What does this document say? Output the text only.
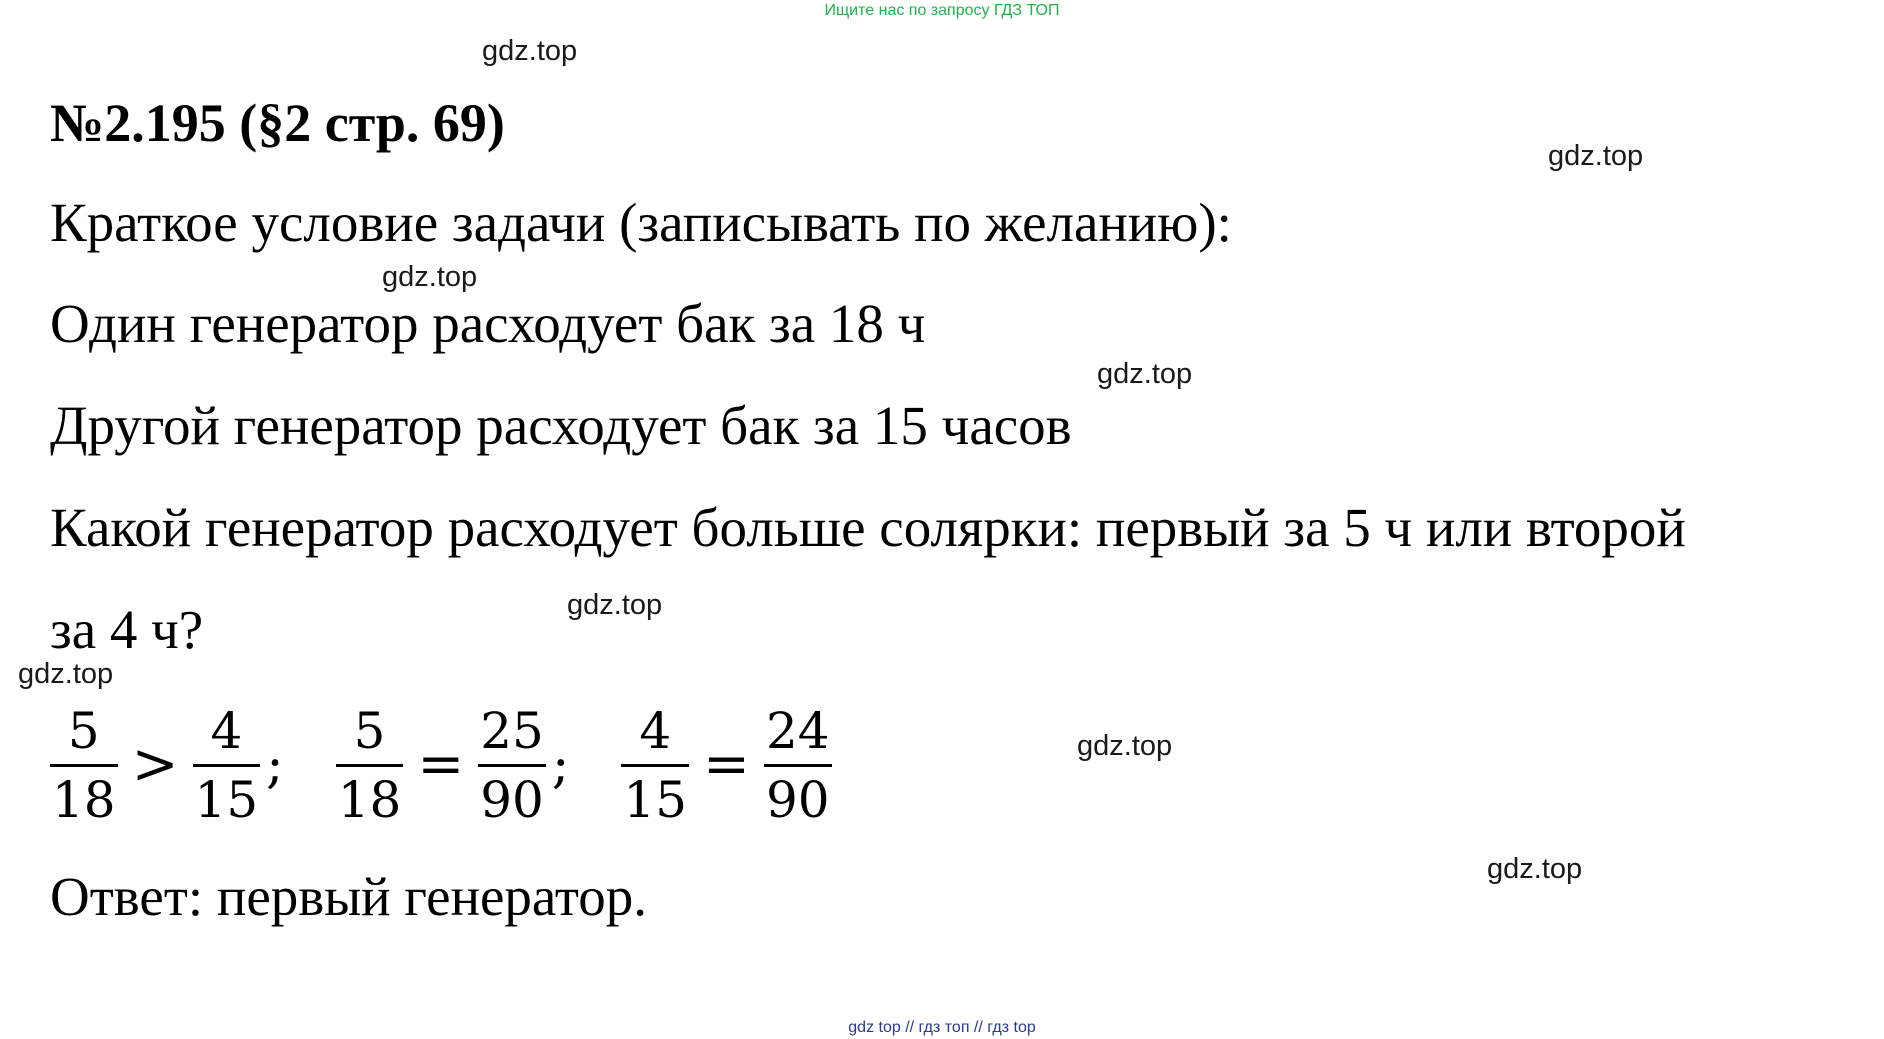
Ищите нас по запросу ГДЗ ТОП
gdz.top
gdz.top
gdz.top
gdz.top
gdz.top
gdz.top
gdz.top
gdz.top
№2.195 (§2 стр. 69)
Краткое условие задачи (записывать по желанию):
Один генератор расходует бак за 18 ч
Другой генератор расходует бак за 15 часов
Какой генератор расходует больше солярки: первый за 5 ч или второй
за 4 ч?
$\frac{5}{18} > \frac{4}{15}$ ; $\frac{5}{18} = \frac{25}{90}$ ; $\frac{4}{15} = \frac{24}{90}$
Ответ: первый генератор.
gdz top // гдз топ // гдз top
